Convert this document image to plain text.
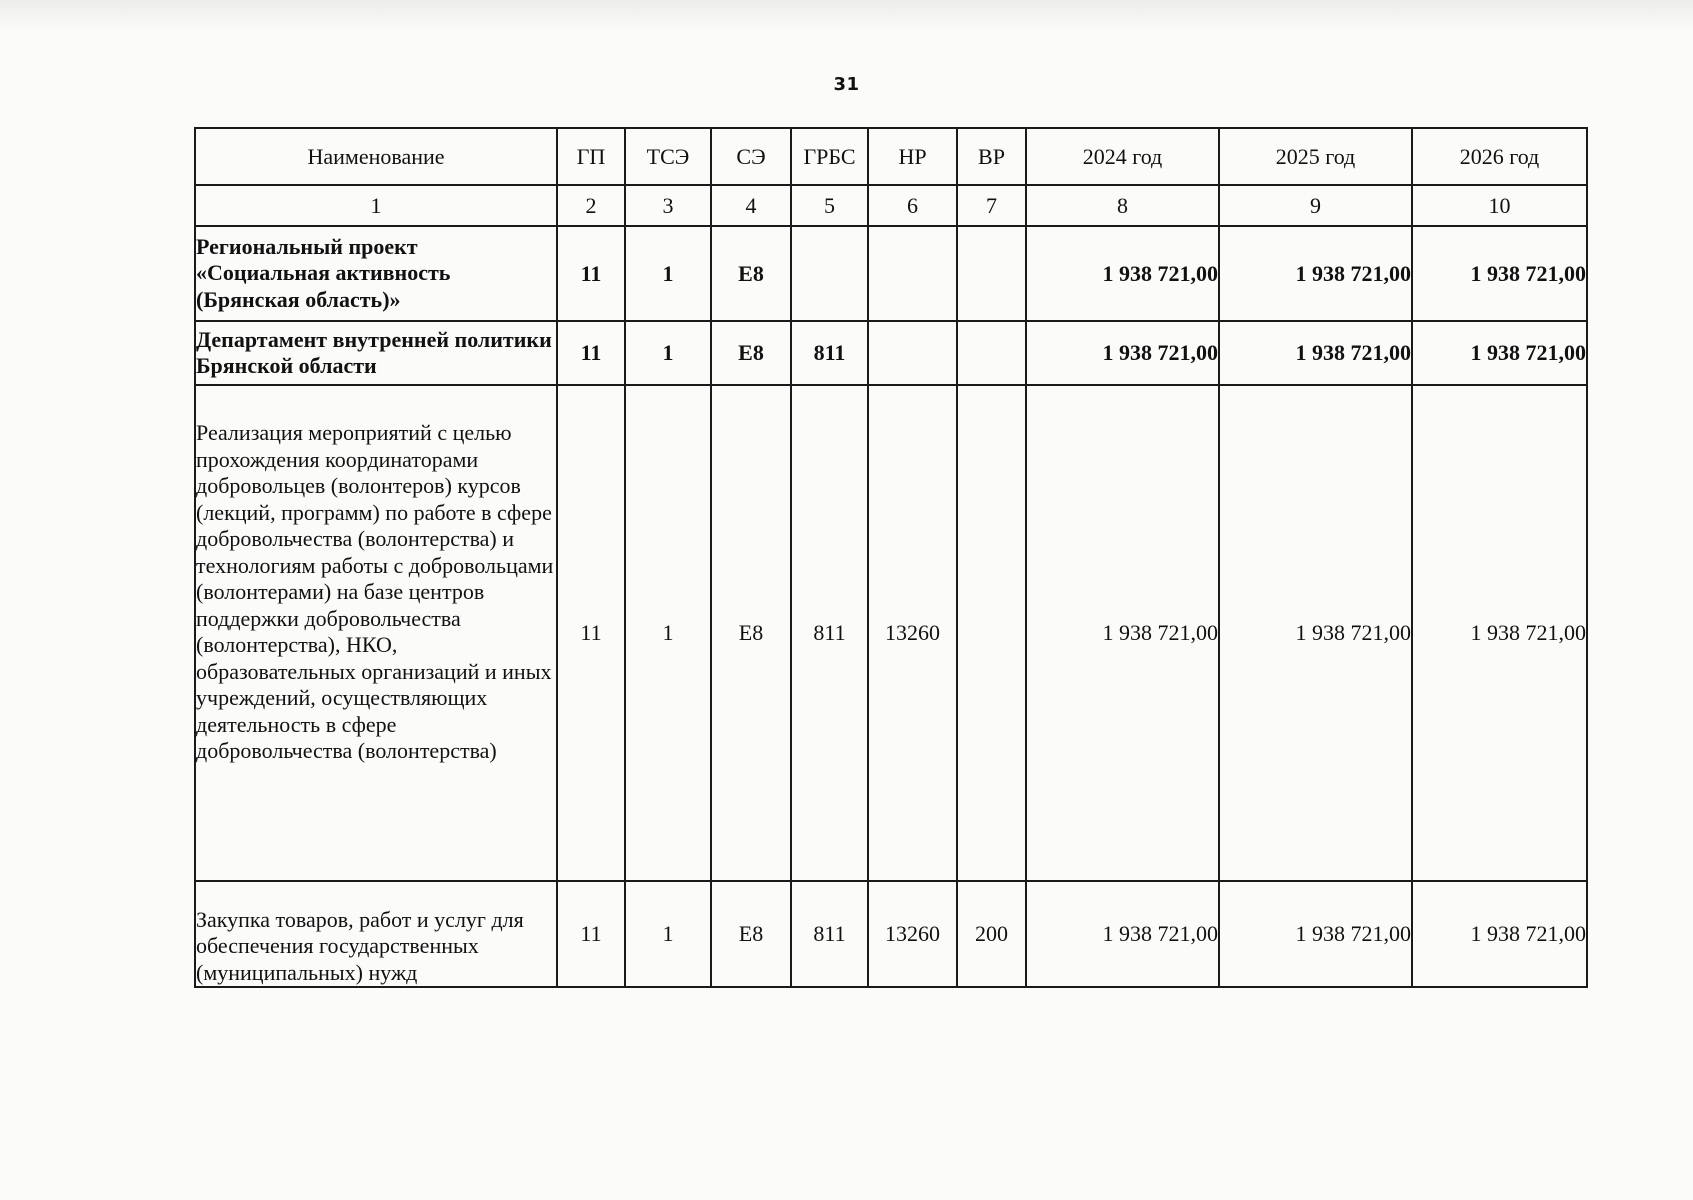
31
Наименование	ГП	ТСЭ	СЭ	ГРБС	НР	ВР	2024 год	2025 год	2026 год
1	2	3	4	5	6	7	8	9	10
Региональный проект «Социальная активность (Брянская область)»	11	1	E8				1 938 721,00	1 938 721,00	1 938 721,00
Департамент внутренней политики Брянской области	11	1	E8	811			1 938 721,00	1 938 721,00	1 938 721,00
Реализация мероприятий с целью прохождения координаторами добровольцев (волонтеров) курсов (лекций, программ) по работе в сфере добровольчества (волонтерства) и технологиям работы с добровольцами (волонтерами) на базе центров поддержки добровольчества (волонтерства), НКО, образовательных организаций и иных учреждений, осуществляющих деятельность в сфере добровольчества (волонтерства)	11	1	E8	811	13260		1 938 721,00	1 938 721,00	1 938 721,00
Закупка товаров, работ и услуг для обеспечения государственных (муниципальных) нужд	11	1	E8	811	13260	200	1 938 721,00	1 938 721,00	1 938 721,00
